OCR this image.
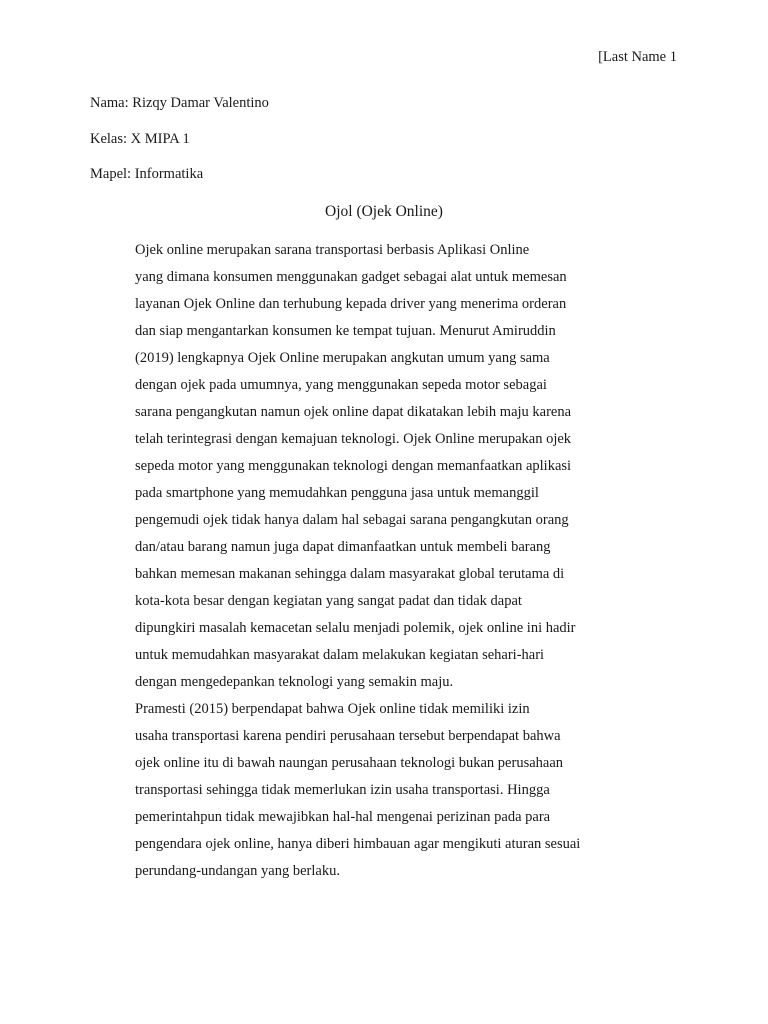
[Last Name 1
Nama: Rizqy Damar Valentino
Kelas: X MIPA 1
Mapel: Informatika
Ojol (Ojek Online)
Ojek online merupakan sarana transportasi berbasis Aplikasi Online
yang dimana konsumen menggunakan gadget sebagai alat untuk memesan
layanan Ojek Online dan terhubung kepada driver yang menerima orderan
dan siap mengantarkan konsumen ke tempat tujuan. Menurut Amiruddin
(2019) lengkapnya Ojek Online merupakan angkutan umum yang sama
dengan ojek pada umumnya, yang menggunakan sepeda motor sebagai
sarana pengangkutan namun ojek online dapat dikatakan lebih maju karena
telah terintegrasi dengan kemajuan teknologi. Ojek Online merupakan ojek
sepeda motor yang menggunakan teknologi dengan memanfaatkan aplikasi
pada smartphone yang memudahkan pengguna jasa untuk memanggil
pengemudi ojek tidak hanya dalam hal sebagai sarana pengangkutan orang
dan/atau barang namun juga dapat dimanfaatkan untuk membeli barang
bahkan memesan makanan sehingga dalam masyarakat global terutama di
kota-kota besar dengan kegiatan yang sangat padat dan tidak dapat
dipungkiri masalah kemacetan selalu menjadi polemik, ojek online ini hadir
untuk memudahkan masyarakat dalam melakukan kegiatan sehari-hari
dengan mengedepankan teknologi yang semakin maju.
Pramesti (2015) berpendapat bahwa Ojek online tidak memiliki izin
usaha transportasi karena pendiri perusahaan tersebut berpendapat bahwa
ojek online itu di bawah naungan perusahaan teknologi bukan perusahaan
transportasi sehingga tidak memerlukan izin usaha transportasi. Hingga
pemerintahpun tidak mewajibkan hal-hal mengenai perizinan pada para
pengendara ojek online, hanya diberi himbauan agar mengikuti aturan sesuai
perundang-undangan yang berlaku.
